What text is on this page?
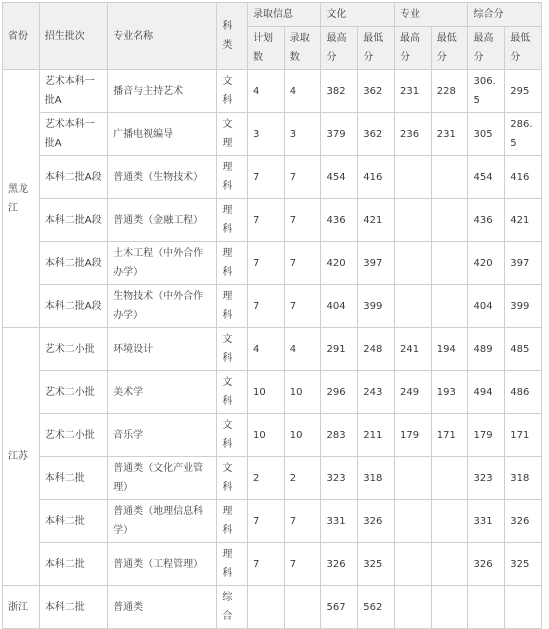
省份	招生批次	专业名称	科类	录取信息		文化		专业		综合分	
				计划数	录取数	最高分	最低分	最高分	最低分	最高分	最低分
黑龙江	艺术本科一批A	播音与主持艺术	文科	4	4	382	362	231	228	306.5	295
	艺术本科一批A	广播电视编导	文理	3	3	379	362	236	231	305	286.5
	本科二批A段	普通类（生物技术）	理科	7	7	454	416			454	416
	本科二批A段	普通类（金融工程）	理科	7	7	436	421			436	421
	本科二批A段	土木工程（中外合作办学）	理科	7	7	420	397			420	397
	本科二批A段	生物技术（中外合作办学）	理科	7	7	404	399			404	399
江苏	艺术二小批	环境设计	文科	4	4	291	248	241	194	489	485
	艺术二小批	美术学	文科	10	10	296	243	249	193	494	486
	艺术二小批	音乐学	文科	10	10	283	211	179	171	179	171
	本科二批	普通类（文化产业管理）	文科	2	2	323	318			323	318
	本科二批	普通类（地理信息科学）	理科	7	7	331	326			331	326
	本科二批	普通类（工程管理）	理科	7	7	326	325			326	325
浙江	本科二批	普通类	综合			567	562				
